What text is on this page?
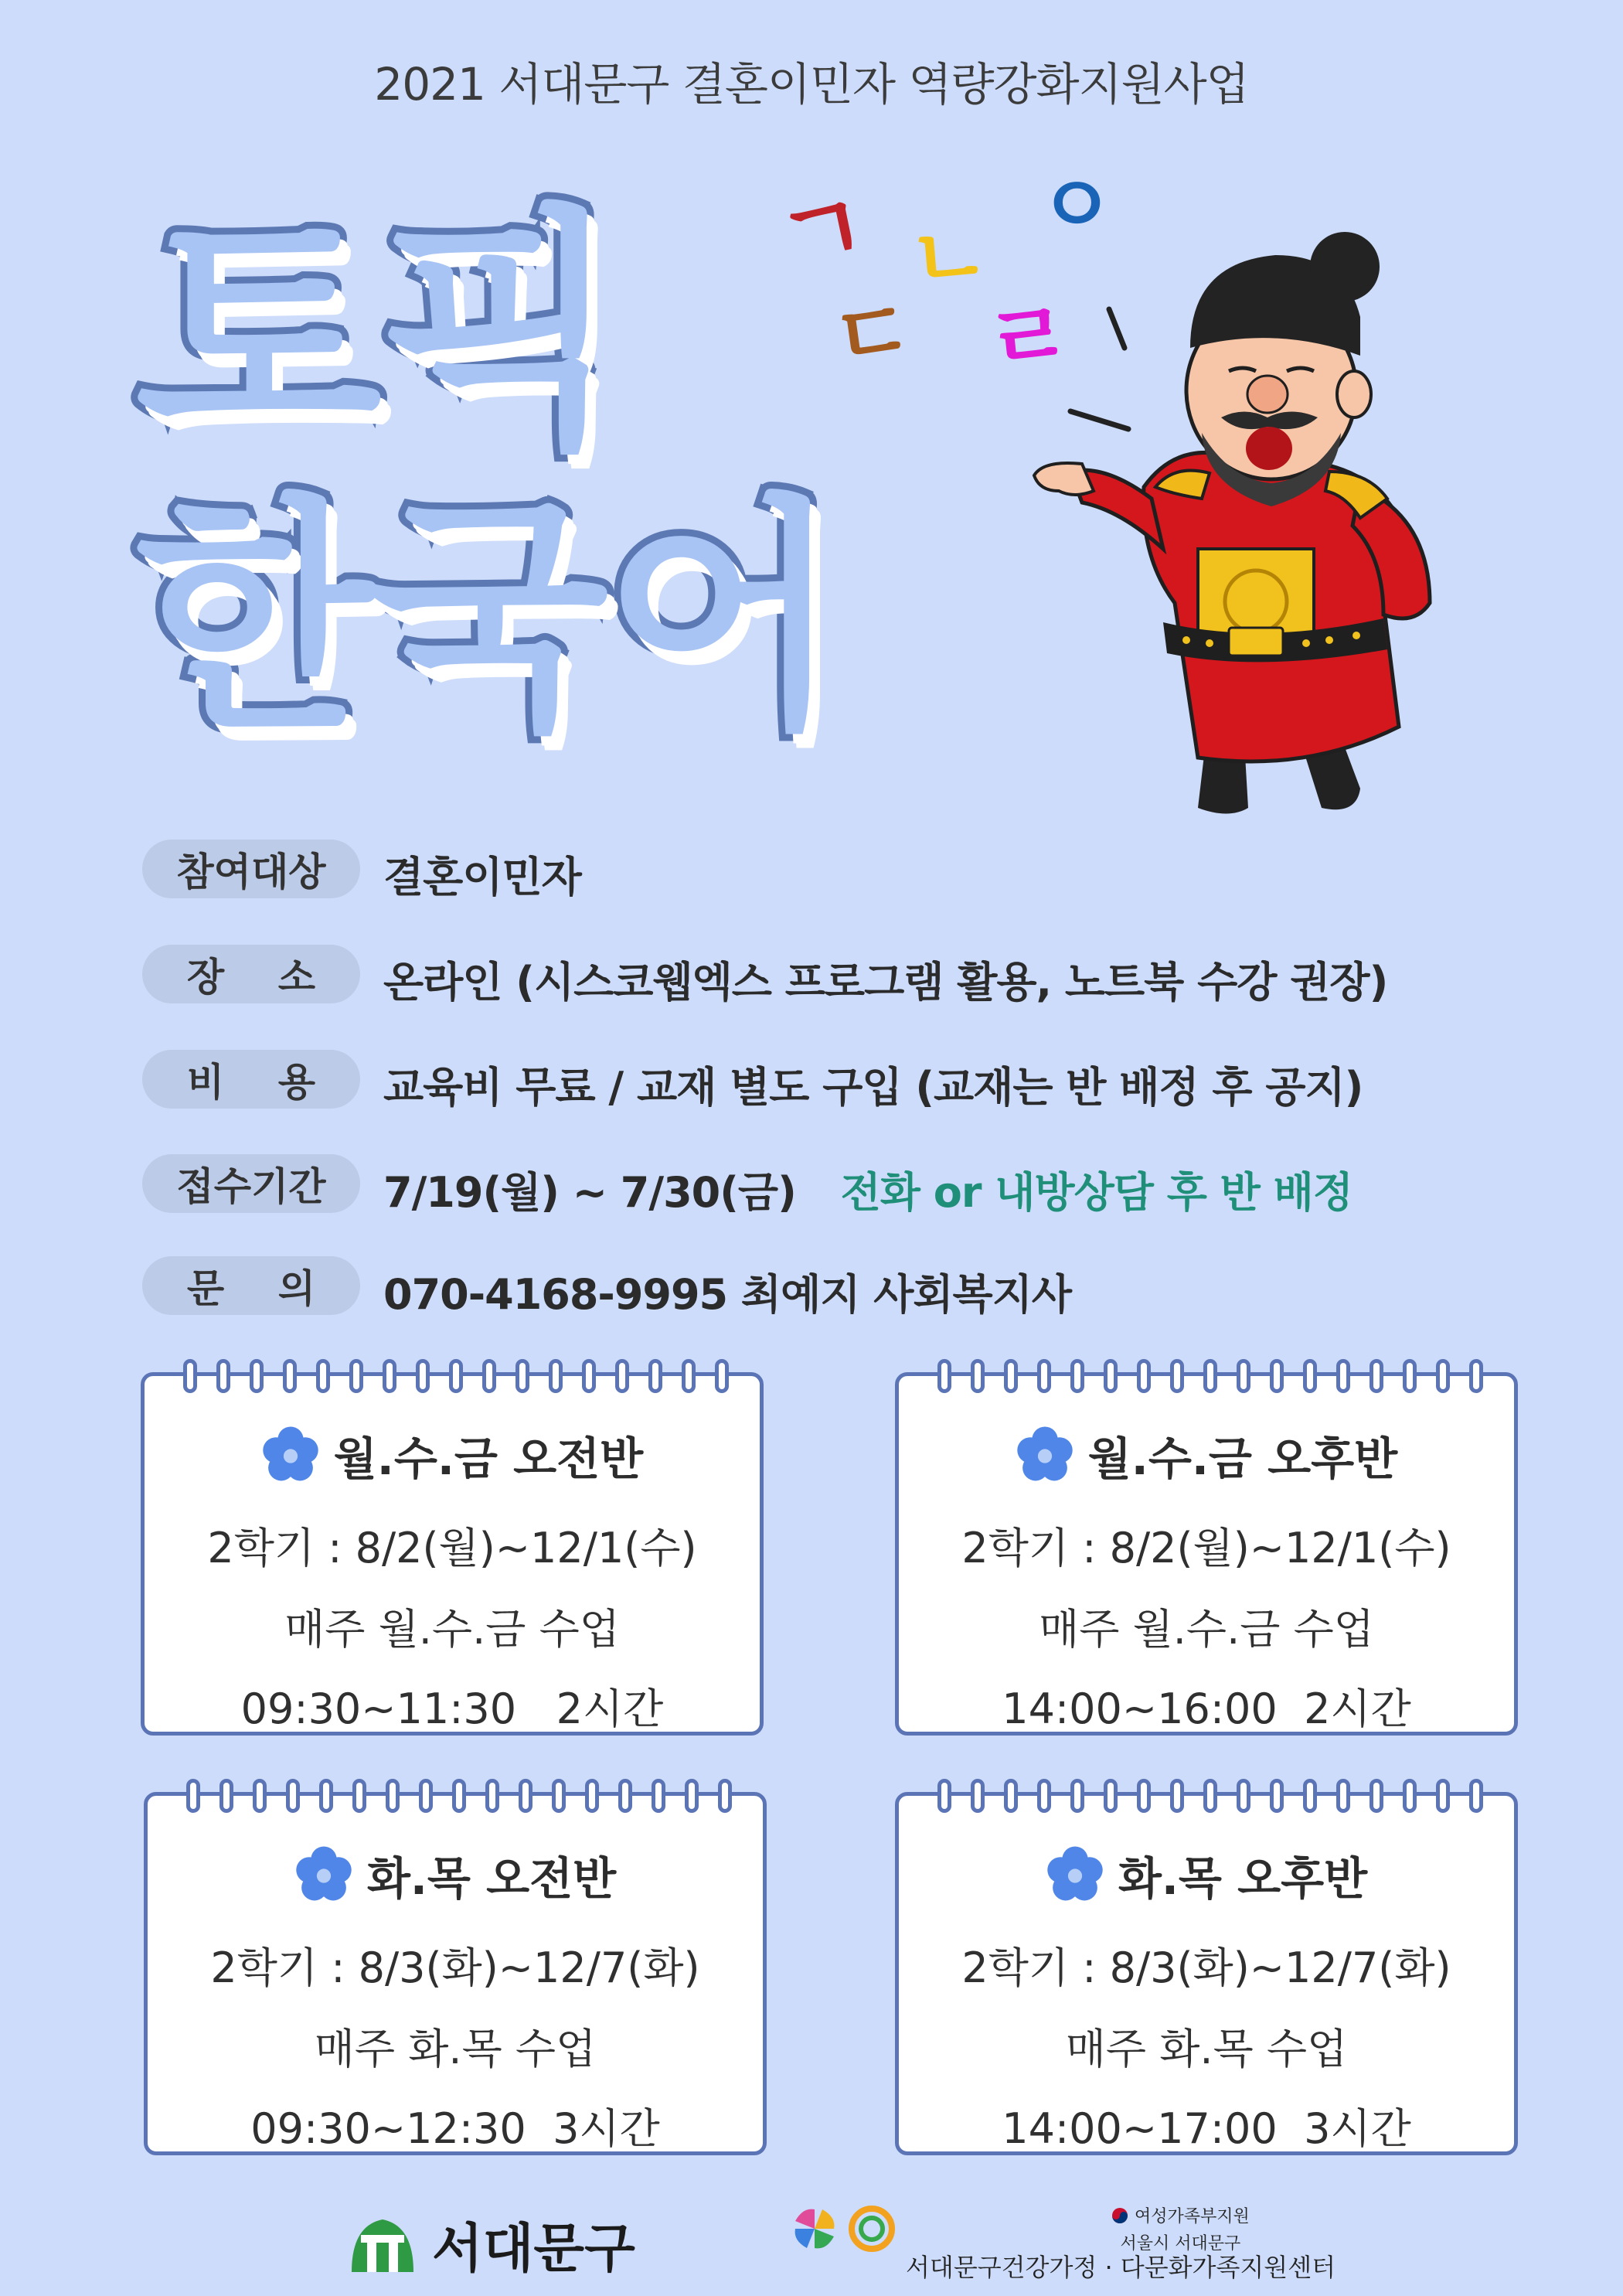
2021 서대문구 결혼이민자 역량강화지원사업
토픽
한국어
ㄱ ㄴ ㅇ
ㄷ ㄹ
참여대상	결혼이민자
장    소	온라인 (시스코웹엑스 프로그램 활용, 노트북 수강 권장)
비    용	교육비 무료 / 교재 별도 구입 (교재는 반 배정 후 공지)
접수기간	7/19(월) ~ 7/30(금) 전화 or 내방상담 후 반 배정
문    의	070-4168-9995 최예지 사회복지사
월.수.금 오전반
2학기 : 8/2(월)~12/1(수)
매주 월.수.금 수업
09:30~11:30   2시간
월.수.금 오후반
2학기 : 8/2(월)~12/1(수)
매주 월.수.금 수업
14:00~16:00  2시간
화.목 오전반
2학기 : 8/3(화)~12/7(화)
매주 화.목 수업
09:30~12:30  3시간
화.목 오후반
2학기 : 8/3(화)~12/7(화)
매주 화.목 수업
14:00~17:00  3시간
서대문구
여성가족부지원
서울시 서대문구
서대문구건강가정 · 다문화가족지원센터
